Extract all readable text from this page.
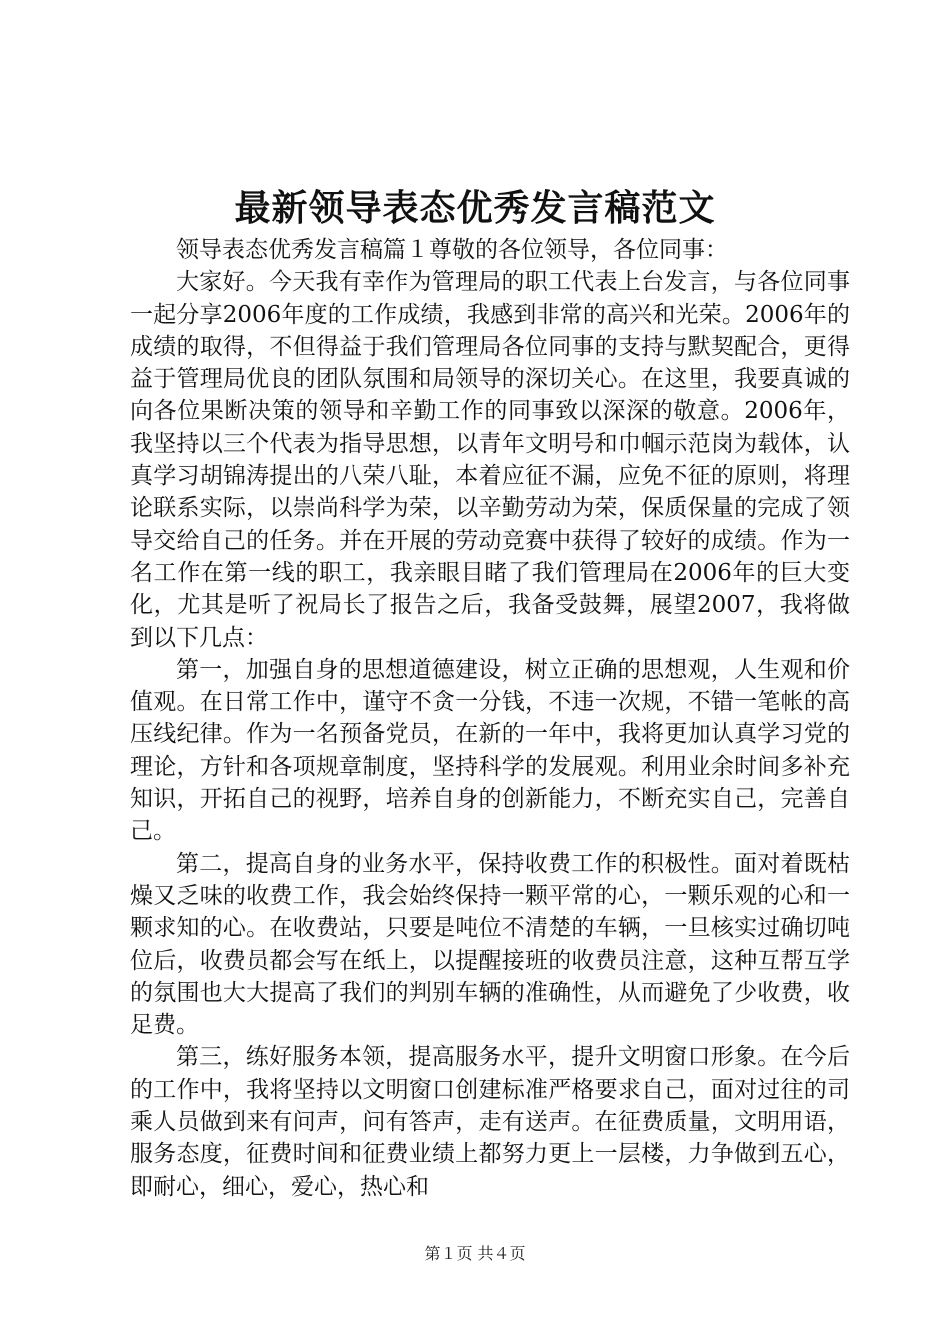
最新领导表态优秀发言稿范文

领导表态优秀发言稿篇１尊敬的各位领导，各位同事：

大家好。今天我有幸作为管理局的职工代表上台发言，与各位同事一起分享2006年度的工作成绩，我感到非常的高兴和光荣。2006年的成绩的取得，不但得益于我们管理局各位同事的支持与默契配合，更得益于管理局优良的团队氛围和局领导的深切关心。在这里，我要真诚的向各位果断决策的领导和辛勤工作的同事致以深深的敬意。2006年，我坚持以三个代表为指导思想，以青年文明号和巾帼示范岗为载体，认真学习胡锦涛提出的八荣八耻，本着应征不漏，应免不征的原则，将理论联系实际，以崇尚科学为荣，以辛勤劳动为荣，保质保量的完成了领导交给自己的任务。并在开展的劳动竞赛中获得了较好的成绩。作为一名工作在第一线的职工，我亲眼目睹了我们管理局在2006年的巨大变化，尤其是听了祝局长了报告之后，我备受鼓舞，展望2007，我将做到以下几点：

第一，加强自身的思想道德建设，树立正确的思想观，人生观和价值观。在日常工作中，谨守不贪一分钱，不违一次规，不错一笔帐的高压线纪律。作为一名预备党员，在新的一年中，我将更加认真学习党的理论，方针和各项规章制度，坚持科学的发展观。利用业余时间多补充知识，开拓自己的视野，培养自身的创新能力，不断充实自己，完善自己。

第二，提高自身的业务水平，保持收费工作的积极性。面对着既枯燥又乏味的收费工作，我会始终保持一颗平常的心，一颗乐观的心和一颗求知的心。在收费站，只要是吨位不清楚的车辆，一旦核实过确切吨位后，收费员都会写在纸上，以提醒接班的收费员注意，这种互帮互学的氛围也大大提高了我们的判别车辆的准确性，从而避免了少收费，收足费。

第三，练好服务本领，提高服务水平，提升文明窗口形象。在今后的工作中，我将坚持以文明窗口创建标准严格要求自己，面对过往的司乘人员做到来有问声，问有答声，走有送声。在征费质量，文明用语，服务态度，征费时间和征费业绩上都努力更上一层楼，力争做到五心，即耐心，细心，爱心，热心和

第１页 共４页
